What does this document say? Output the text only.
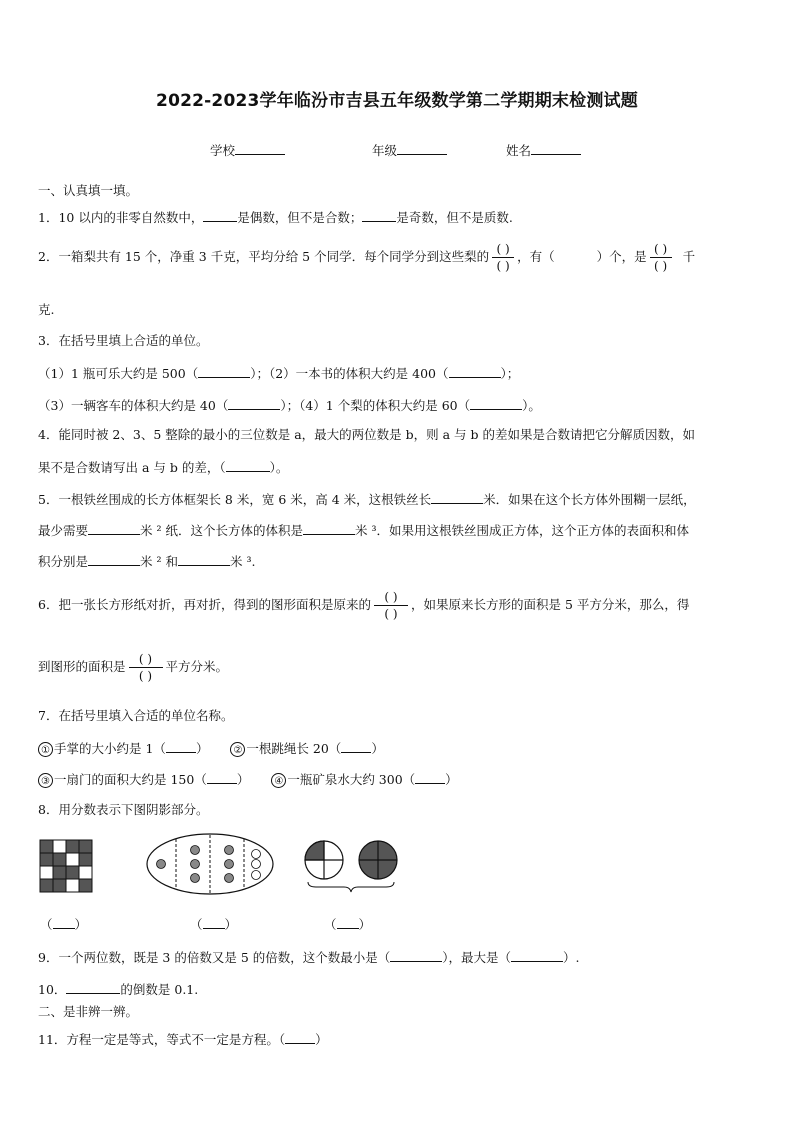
2022-2023学年临汾市吉县五年级数学第二学期期末检测试题
学校	年级	姓名
一、认真填一填。
1．10 以内的非零自然数中，	是偶数，但不是合数；	是奇数，但不是质数.
2．一箱梨共有 15 个，净重 3 千克，平均分给 5 个同学．每个同学分到这些梨的 $\frac{( )}{( )}$ ，有（	）个，是 $\frac{( )}{( )}$ 千
克.
3．在括号里填上合适的单位。
（1）1 瓶可乐大约是 500（	）；（2）一本书的体积大约是 400（	）；
（3）一辆客车的体积大约是 40（	）；（4）1 个梨的体积大约是 60（	）。
4．能同时被 2、3、5 整除的最小的三位数是 a，最大的两位数是 b，则 a 与 b 的差如果是合数请把它分解质因数，如
果不是合数请写出 a 与 b 的差，（	）。
5．一根铁丝围成的长方体框架长 8 米，宽 6 米，高 4 米，这根铁丝长	米．如果在这个长方体外围糊一层纸，
最少需要	米 ² 纸．这个长方体的体积是	米 ³．如果用这根铁丝围成正方体，这个正方体的表面积和体
积分别是	米 ² 和	米 ³.
6．把一张长方形纸对折，再对折，得到的图形面积是原来的 $\frac{( )}{( )}$ ，如果原来长方形的面积是 5 平方分米，那么，得
到图形的面积是 $\frac{( )}{( )}$ 平方分米。
7．在括号里填入合适的单位名称。
① 手掌的大小约是 1（ ） ② 一根跳绳长 20（ ）
③ 一扇门的面积大约是 150（ ） ④ 一瓶矿泉水大约 300（ ）
8．用分数表示下图阴影部分。
（ ）	（ ）	（ ）
9．一个两位数，既是 3 的倍数又是 5 的倍数，这个数最小是（	），最大是（	）.
10．	的倒数是 0.1.
二、是非辨一辨。
11．方程一定是等式，等式不一定是方程。（ ）
